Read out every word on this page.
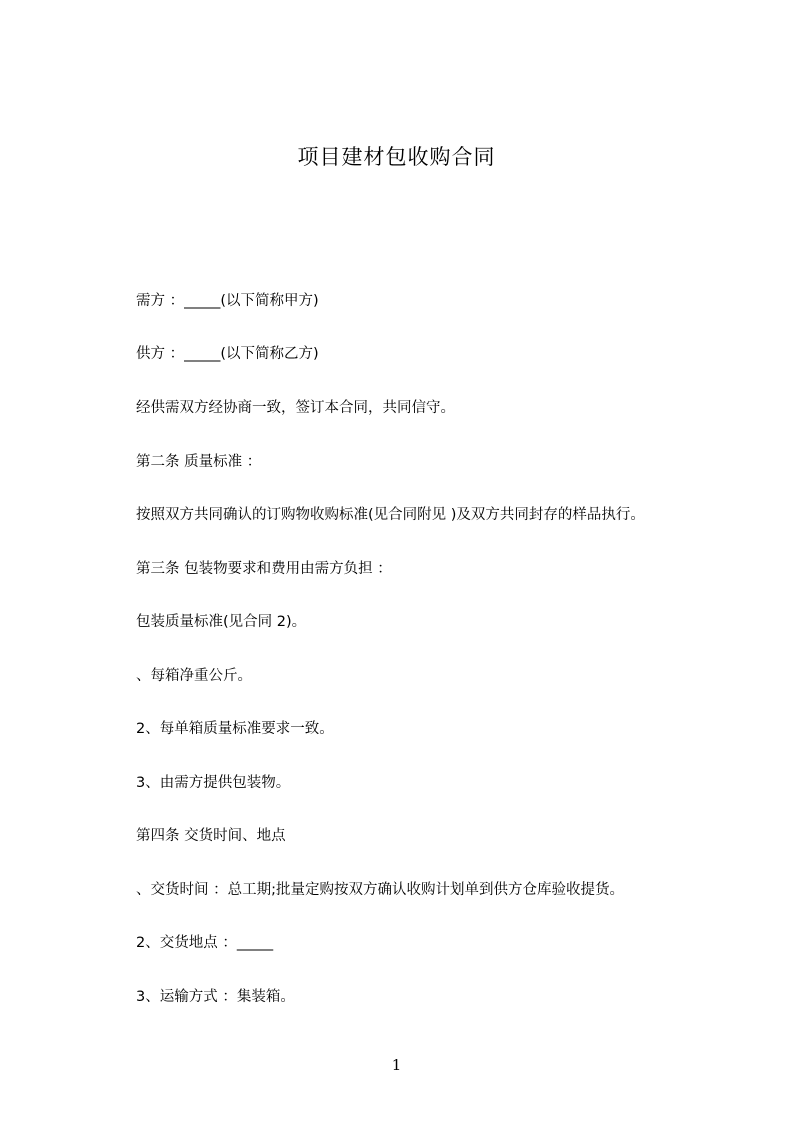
项目建材包收购合同
需方 ：_____(以下简称甲方)
供方 ：_____(以下简称乙方)
经供需双方经协商一致，签订本合同，共同信守。
第二条 质量标准 ：
按照双方共同确认的订购物收购标准(见合同附见 )及双方共同封存的样品执行。
第三条 包装物要求和费用由需方负担 ：
包装质量标准(见合同 2)。
、每箱净重公斤。
2、每单箱质量标准要求一致。
3、由需方提供包装物。
第四条 交货时间、地点
、交货时间 ：总工期;批量定购按双方确认收购计划单到供方仓库验收提货。
2、交货地点 ：_____
3、运输方式 ：集装箱。
1
